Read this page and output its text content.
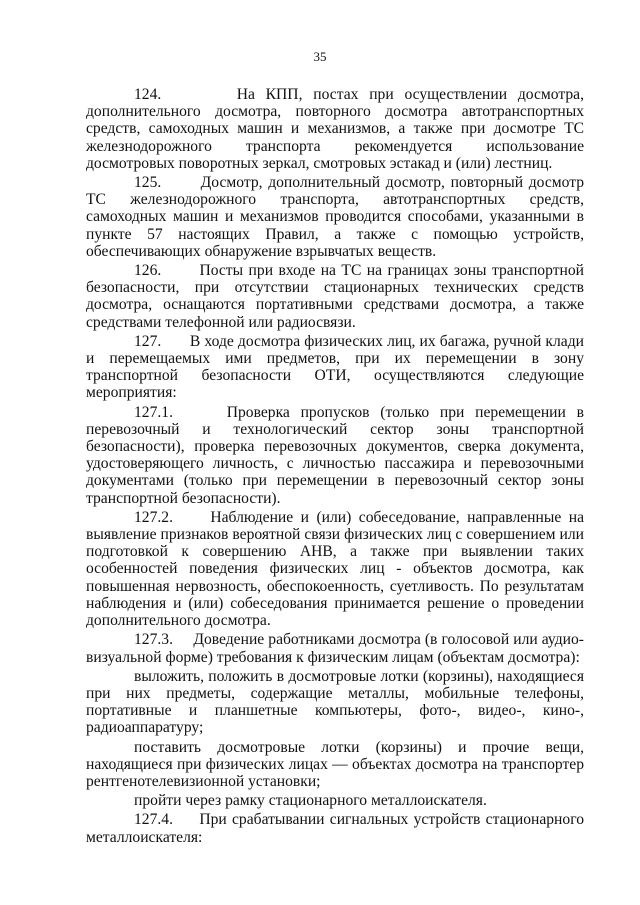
35

124.       На КПП, постах при осуществлении досмотра, дополнительного досмотра, повторного досмотра автотранспортных средств, самоходных машин и механизмов, а также при досмотре ТС железнодорожного транспорта рекомендуется использование досмотровых поворотных зеркал, смотровых эстакад и (или) лестниц.

125.       Досмотр, дополнительный досмотр, повторный досмотр ТС железнодорожного транспорта, автотранспортных средств, самоходных машин и механизмов проводится способами, указанными в пункте 57 настоящих Правил, а также с помощью устройств, обеспечивающих обнаружение взрывчатых веществ.

126.       Посты при входе на ТС на границах зоны транспортной безопасности, при отсутствии стационарных технических средств досмотра, оснащаются портативными средствами досмотра, а также средствами телефонной или радиосвязи.

127.       В ходе досмотра физических лиц, их багажа, ручной клади и перемещаемых ими предметов, при их перемещении в зону транспортной безопасности ОТИ, осуществляются следующие мероприятия:

127.1.     Проверка пропусков (только при перемещении в перевозочный и технологический сектор зоны транспортной безопасности), проверка перевозочных документов, сверка документа, удостоверяющего личность, с личностью пассажира и перевозочными документами (только при перемещении в перевозочный сектор зоны транспортной безопасности).

127.2.     Наблюдение и (или) собеседование, направленные на выявление признаков вероятной связи физических лиц с совершением или подготовкой к совершению АНВ, а также при выявлении таких особенностей поведения физических лиц - объектов досмотра, как повышенная нервозность, обеспокоенность, суетливость. По результатам наблюдения и (или) собеседования принимается решение о проведении дополнительного досмотра.

127.3.     Доведение работниками досмотра (в голосовой или аудио-визуальной форме) требования к физическим лицам (объектам досмотра):

выложить, положить в досмотровые лотки (корзины), находящиеся при них предметы, содержащие металлы, мобильные телефоны, портативные и планшетные компьютеры, фото-, видео-, кино-, радиоаппаратуру;

поставить досмотровые лотки (корзины) и прочие вещи, находящиеся при физических лицах — объектах досмотра на транспортер рентгенотелевизионной установки;

пройти через рамку стационарного металлоискателя.

127.4.     При срабатывании сигнальных устройств стационарного металлоискателя:
